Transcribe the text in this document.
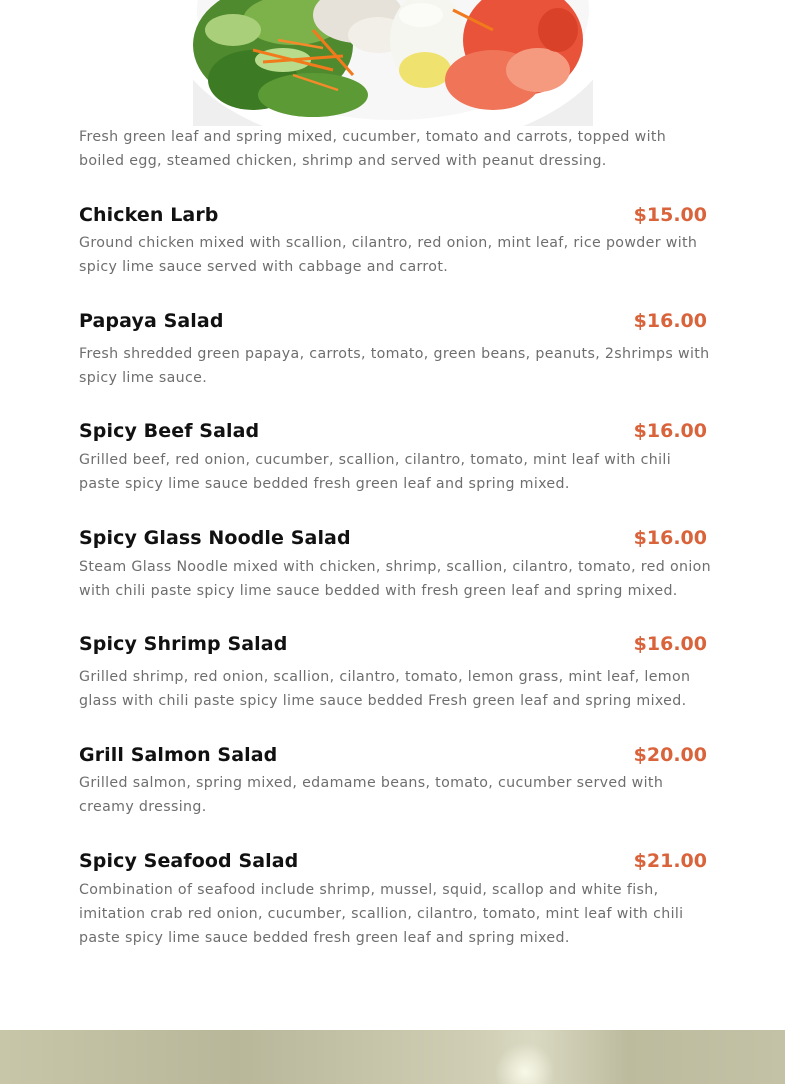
Fresh green leaf and spring mixed, cucumber, tomato and carrots, topped with boiled egg, steamed chicken, shrimp and served with peanut dressing.

Chicken Larb	$15.00

Ground chicken mixed with scallion, cilantro, red onion, mint leaf, rice powder with spicy lime sauce served with cabbage and carrot.

Papaya Salad	$16.00

Fresh shredded green papaya, carrots, tomato, green beans, peanuts, 2shrimps with spicy lime sauce.

Spicy Beef Salad	$16.00

Grilled beef, red onion, cucumber, scallion, cilantro, tomato, mint leaf with chili paste spicy lime sauce bedded fresh green leaf and spring mixed.

Spicy Glass Noodle Salad	$16.00

Steam Glass Noodle mixed with chicken, shrimp, scallion, cilantro, tomato, red onion with chili paste spicy lime sauce bedded with fresh green leaf and spring mixed.

Spicy Shrimp Salad	$16.00

Grilled shrimp, red onion, scallion, cilantro, tomato, lemon grass, mint leaf, lemon glass with chili paste spicy lime sauce bedded Fresh green leaf and spring mixed.

Grill Salmon Salad	$20.00

Grilled salmon, spring mixed, edamame beans, tomato, cucumber served with creamy dressing.

Spicy Seafood Salad	$21.00

Combination of seafood include shrimp, mussel, squid, scallop and white fish, imitation crab red onion, cucumber, scallion, cilantro, tomato, mint leaf with chili paste spicy lime sauce bedded fresh green leaf and spring mixed.
